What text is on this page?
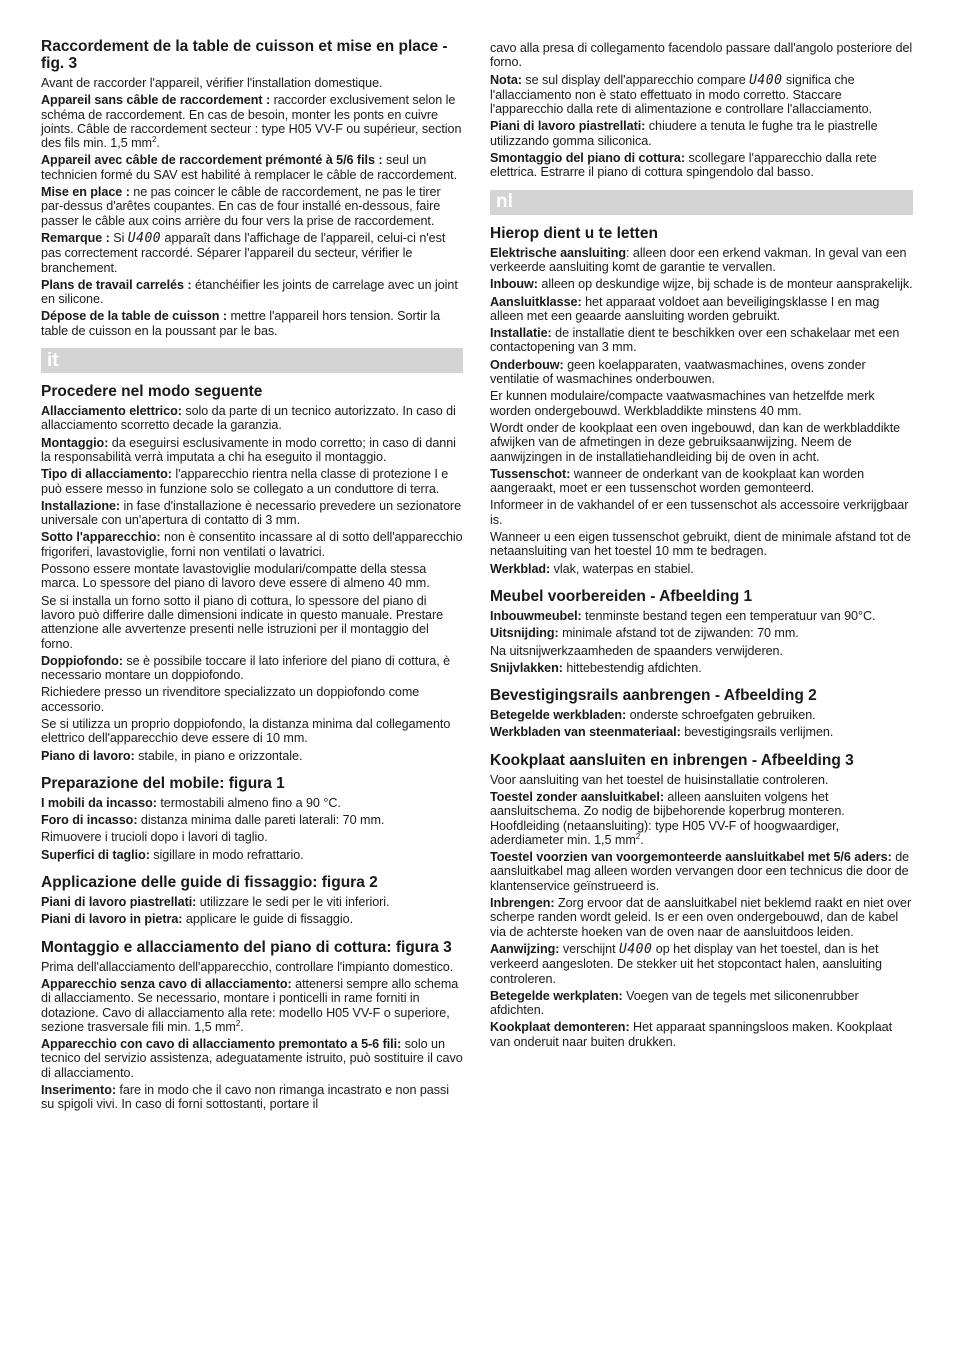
Raccordement de la table de cuisson et mise en place - fig. 3

Avant de raccorder l'appareil, vérifier l'installation domestique.

Appareil sans câble de raccordement : raccorder exclusivement selon le schéma de raccordement. En cas de besoin, monter les ponts en cuivre joints. Câble de raccordement secteur : type H05 VV-F ou supérieur, section des fils min. 1,5 $mm^2$.

Appareil avec câble de raccordement prémonté à 5/6 fils : seul un technicien formé du SAV est habilité à remplacer le câble de raccordement.

Mise en place : ne pas coincer le câble de raccordement, ne pas le tirer par-dessus d'arêtes coupantes. En cas de four installé en-dessous, faire passer le câble aux coins arrière du four vers la prise de raccordement.

Remarque : Si U400 apparaît dans l'affichage de l'appareil, celui-ci n'est pas correctement raccordé. Séparer l'appareil du secteur, vérifier le branchement.

Plans de travail carrelés : étanchéifier les joints de carrelage avec un joint en silicone.

Dépose de la table de cuisson : mettre l'appareil hors tension. Sortir la table de cuisson en la poussant par le bas.

it
Procedere nel modo seguente

Allacciamento elettrico: solo da parte di un tecnico autorizzato. In caso di allacciamento scorretto decade la garanzia.

Montaggio: da eseguirsi esclusivamente in modo corretto; in caso di danni la responsabilità verrà imputata a chi ha eseguito il montaggio.

Tipo di allacciamento: l'apparecchio rientra nella classe di protezione I e può essere messo in funzione solo se collegato a un conduttore di terra.

Installazione: in fase d'installazione è necessario prevedere un sezionatore universale con un'apertura di contatto di 3 mm.

Sotto l'apparecchio: non è consentito incassare al di sotto dell'apparecchio frigoriferi, lavastoviglie, forni non ventilati o lavatrici.

Possono essere montate lavastoviglie modulari/compatte della stessa marca. Lo spessore del piano di lavoro deve essere di almeno 40 mm.

Se si installa un forno sotto il piano di cottura, lo spessore del piano di lavoro può differire dalle dimensioni indicate in questo manuale. Prestare attenzione alle avvertenze presenti nelle istruzioni per il montaggio del forno.

Doppiofondo: se è possibile toccare il lato inferiore del piano di cottura, è necessario montare un doppiofondo.

Richiedere presso un rivenditore specializzato un doppiofondo come accessorio.

Se si utilizza un proprio doppiofondo, la distanza minima dal collegamento elettrico dell'apparecchio deve essere di 10 mm.

Piano di lavoro: stabile, in piano e orizzontale.

Preparazione del mobile: figura 1

I mobili da incasso: termostabili almeno fino a 90 °C.

Foro di incasso: distanza minima dalle pareti laterali: 70 mm.

Rimuovere i trucioli dopo i lavori di taglio.

Superfici di taglio: sigillare in modo refrattario.

Applicazione delle guide di fissaggio: figura 2

Piani di lavoro piastrellati: utilizzare le sedi per le viti inferiori.

Piani di lavoro in pietra: applicare le guide di fissaggio.

Montaggio e allacciamento del piano di cottura: figura 3

Prima dell'allacciamento dell'apparecchio, controllare l'impianto domestico.

Apparecchio senza cavo di allacciamento: attenersi sempre allo schema di allacciamento. Se necessario, montare i ponticelli in rame forniti in dotazione. Cavo di allacciamento alla rete: modello H05 VV-F o superiore, sezione trasversale fili min. 1,5 $mm^2$.

Apparecchio con cavo di allacciamento premontato a 5-6 fili: solo un tecnico del servizio assistenza, adeguatamente istruito, può sostituire il cavo di allacciamento.

Inserimento: fare in modo che il cavo non rimanga incastrato e non passi su spigoli vivi. In caso di forni sottostanti, portare il

cavo alla presa di collegamento facendolo passare dall'angolo posteriore del forno.

Nota: se sul display dell'apparecchio compare U400 significa che l'allacciamento non è stato effettuato in modo corretto. Staccare l'apparecchio dalla rete di alimentazione e controllare l'allacciamento.

Piani di lavoro piastrellati: chiudere a tenuta le fughe tra le piastrelle utilizzando gomma siliconica.

Smontaggio del piano di cottura: scollegare l'apparecchio dalla rete elettrica. Estrarre il piano di cottura spingendolo dal basso.

nl
Hierop dient u te letten

Elektrische aansluiting: alleen door een erkend vakman. In geval van een verkeerde aansluiting komt de garantie te vervallen.

Inbouw: alleen op deskundige wijze, bij schade is de monteur aansprakelijk.

Aansluitklasse: het apparaat voldoet aan beveiligingsklasse I en mag alleen met een geaarde aansluiting worden gebruikt.

Installatie: de installatie dient te beschikken over een schakelaar met een contactopening van 3 mm.

Onderbouw: geen koelapparaten, vaatwasmachines, ovens zonder ventilatie of wasmachines onderbouwen.

Er kunnen modulaire/compacte vaatwasmachines van hetzelfde merk worden ondergebouwd. Werkbladdikte minstens 40 mm.

Wordt onder de kookplaat een oven ingebouwd, dan kan de werkbladdikte afwijken van de afmetingen in deze gebruiksaanwijzing. Neem de aanwijzingen in de installatiehandleiding bij de oven in acht.

Tussenschot: wanneer de onderkant van de kookplaat kan worden aangeraakt, moet er een tussenschot worden gemonteerd.

Informeer in de vakhandel of er een tussenschot als accessoire verkrijgbaar is.

Wanneer u een eigen tussenschot gebruikt, dient de minimale afstand tot de netaansluiting van het toestel 10 mm te bedragen.

Werkblad: vlak, waterpas en stabiel.

Meubel voorbereiden - Afbeelding 1

Inbouwmeubel: tenminste bestand tegen een temperatuur van 90°C.

Uitsnijding: minimale afstand tot de zijwanden: 70 mm.

Na uitsnijwerkzaamheden de spaanders verwijderen.

Snijvlakken: hittebestendig afdichten.

Bevestigingsrails aanbrengen - Afbeelding 2

Betegelde werkbladen: onderste schroefgaten gebruiken.

Werkbladen van steenmateriaal: bevestigingsrails verlijmen.

Kookplaat aansluiten en inbrengen - Afbeelding 3

Voor aansluiting van het toestel de huisinstallatie controleren.

Toestel zonder aansluitkabel: alleen aansluiten volgens het aansluitschema. Zo nodig de bijbehorende koperbrug monteren. Hoofdleiding (netaansluiting): type H05 VV-F of hoogwaardiger, aderdiameter min. 1,5 $mm^2$.

Toestel voorzien van voorgemonteerde aansluitkabel met 5/6 aders: de aansluitkabel mag alleen worden vervangen door een technicus die door de klantenservice geïnstrueerd is.

Inbrengen: Zorg ervoor dat de aansluitkabel niet beklemd raakt en niet over scherpe randen wordt geleid. Is er een oven ondergebouwd, dan de kabel via de achterste hoeken van de oven naar de aansluitdoos leiden.

Aanwijzing: verschijnt U400 op het display van het toestel, dan is het verkeerd aangesloten. De stekker uit het stopcontact halen, aansluiting controleren.

Betegelde werkplaten: Voegen van de tegels met siliconenrubber afdichten.

Kookplaat demonteren: Het apparaat spanningsloos maken. Kookplaat van onderuit naar buiten drukken.
